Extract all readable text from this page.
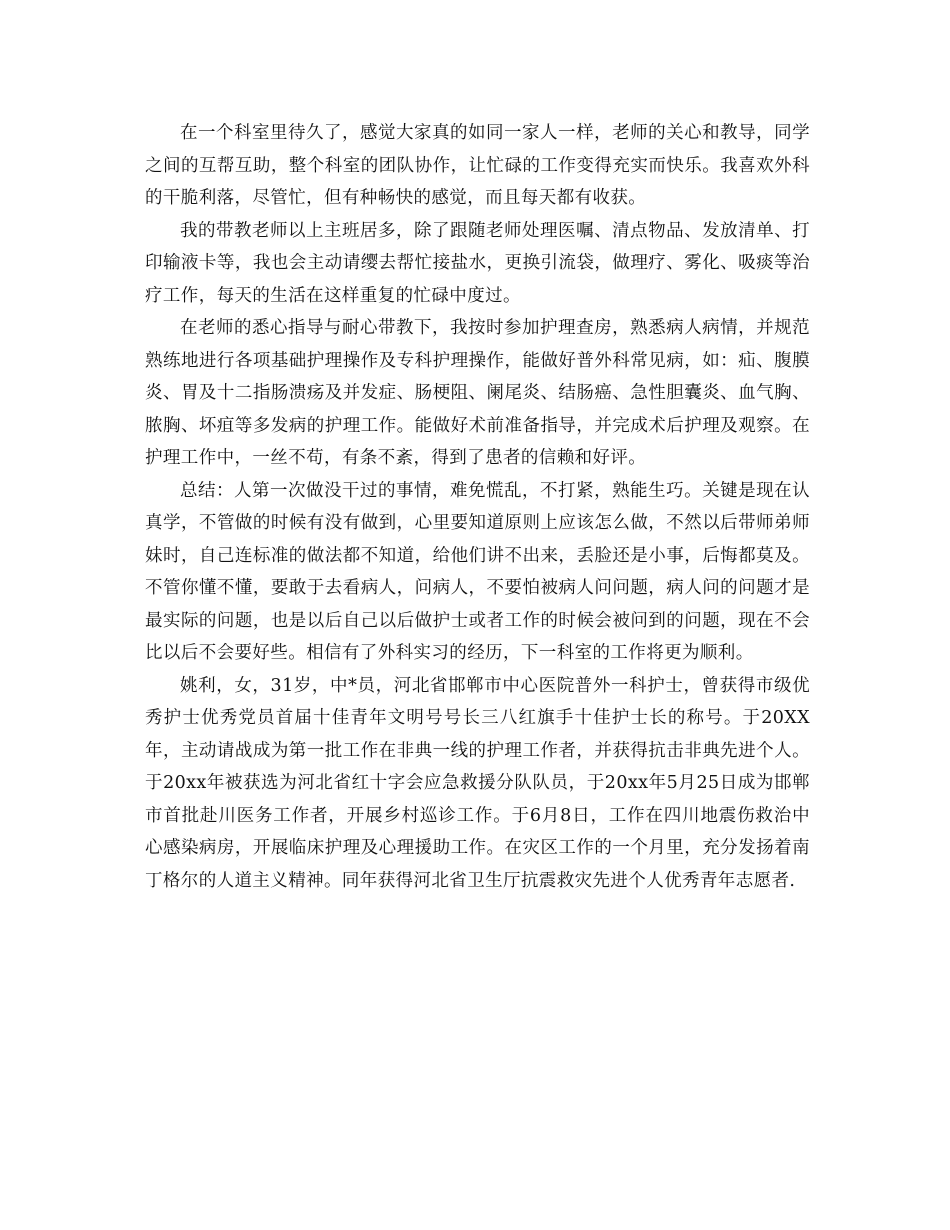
在一个科室里待久了，感觉大家真的如同一家人一样，老师的关心和教导，同学之间的互帮互助，整个科室的团队协作，让忙碌的工作变得充实而快乐。我喜欢外科的干脆利落，尽管忙，但有种畅快的感觉，而且每天都有收获。

我的带教老师以上主班居多，除了跟随老师处理医嘱、清点物品、发放清单、打印输液卡等，我也会主动请缨去帮忙接盐水，更换引流袋，做理疗、雾化、吸痰等治疗工作，每天的生活在这样重复的忙碌中度过。

在老师的悉心指导与耐心带教下，我按时参加护理查房，熟悉病人病情，并规范熟练地进行各项基础护理操作及专科护理操作，能做好普外科常见病，如：疝、腹膜炎、胃及十二指肠溃疡及并发症、肠梗阻、阑尾炎、结肠癌、急性胆囊炎、血气胸、脓胸、坏疽等多发病的护理工作。能做好术前准备指导，并完成术后护理及观察。在护理工作中，一丝不苟，有条不紊，得到了患者的信赖和好评。

总结：人第一次做没干过的事情，难免慌乱，不打紧，熟能生巧。关键是现在认真学，不管做的时候有没有做到，心里要知道原则上应该怎么做，不然以后带师弟师妹时，自己连标准的做法都不知道，给他们讲不出来，丢脸还是小事，后悔都莫及。不管你懂不懂，要敢于去看病人，问病人，不要怕被病人问问题，病人问的问题才是最实际的问题，也是以后自己以后做护士或者工作的时候会被问到的问题，现在不会比以后不会要好些。相信有了外科实习的经历，下一科室的工作将更为顺利。

姚利，女，31岁，中*员，河北省邯郸市中心医院普外一科护士，曾获得市级优秀护士优秀党员首届十佳青年文明号号长三八红旗手十佳护士长的称号。于20XX年，主动请战成为第一批工作在非典一线的护理工作者，并获得抗击非典先进个人。于20xx年被获选为河北省红十字会应急救援分队队员，于20xx年5月25日成为邯郸市首批赴川医务工作者，开展乡村巡诊工作。于6月8日，工作在四川地震伤救治中心感染病房，开展临床护理及心理援助工作。在灾区工作的一个月里，充分发扬着南丁格尔的人道主义精神。同年获得河北省卫生厅抗震救灾先进个人优秀青年志愿者.
